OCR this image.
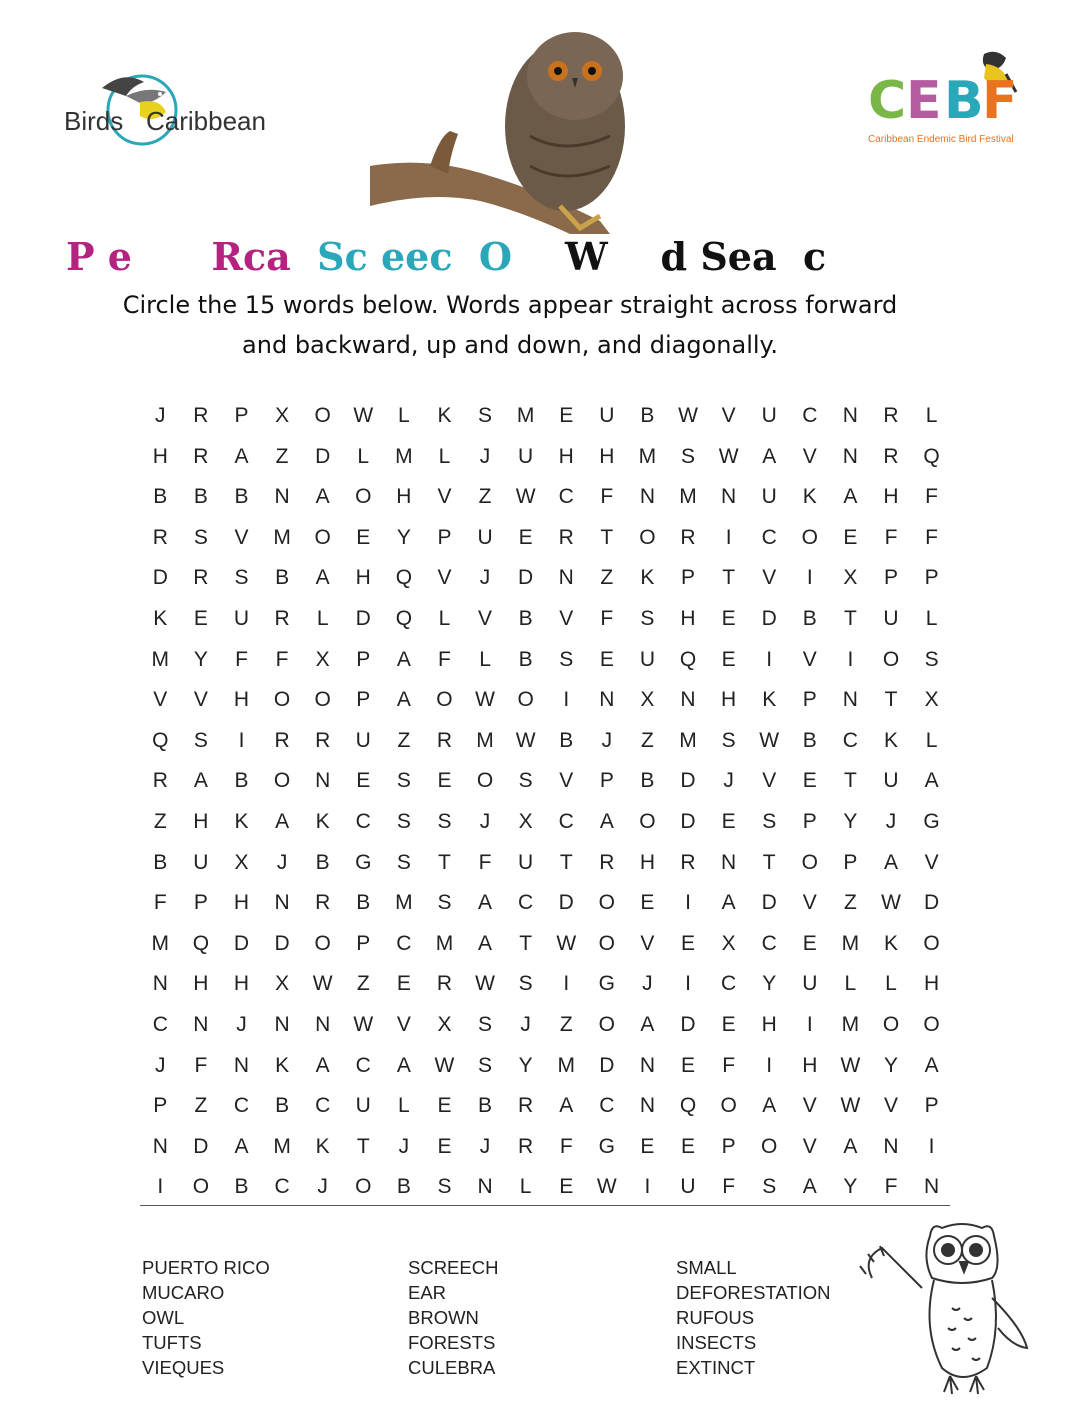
Birds Caribbean	C E B
F
Caribbean Endemic Bird Festival
P e Rca Sc eec O W d Sea c
Circle the 15 words below. Words appear straight across forward
and backward, up and down, and diagonally.
J	R	P	X	O	W	L	K	S	M	E	U	B	W	V	U	C	N	R	L
H	R	A	Z	D	L	M	L	J	U	H	H	M	S	W	A	V	N	R	Q
B	B	B	N	A	O	H	V	Z	W	C	F	N	M	N	U	K	A	H	F
R	S	V	M	O	E	Y	P	U	E	R	T	O	R	I	C	O	E	F	F
D	R	S	B	A	H	Q	V	J	D	N	Z	K	P	T	V	I	X	P	P
K	E	U	R	L	D	Q	L	V	B	V	F	S	H	E	D	B	T	U	L
M	Y	F	F	X	P	A	F	L	B	S	E	U	Q	E	I	V	I	O	S
V	V	H	O	O	P	A	O	W	O	I	N	X	N	H	K	P	N	T	X
Q	S	I	R	R	U	Z	R	M	W	B	J	Z	M	S	W	B	C	K	L
R	A	B	O	N	E	S	E	O	S	V	P	B	D	J	V	E	T	U	A
Z	H	K	A	K	C	S	S	J	X	C	A	O	D	E	S	P	Y	J	G
B	U	X	J	B	G	S	T	F	U	T	R	H	R	N	T	O	P	A	V
F	P	H	N	R	B	M	S	A	C	D	O	E	I	A	D	V	Z	W	D
M	Q	D	D	O	P	C	M	A	T	W	O	V	E	X	C	E	M	K	O
N	H	H	X	W	Z	E	R	W	S	I	G	J	I	C	Y	U	L	L	H
C	N	J	N	N	W	V	X	S	J	Z	O	A	D	E	H	I	M	O	O
J	F	N	K	A	C	A	W	S	Y	M	D	N	E	F	I	H	W	Y	A
P	Z	C	B	C	U	L	E	B	R	A	C	N	Q	O	A	V	W	V	P
N	D	A	M	K	T	J	E	J	R	F	G	E	E	P	O	V	A	N	I
I	O	B	C	J	O	B	S	N	L	E	W	I	U	F	S	A	Y	F	N
PUERTO RICO
MUCARO
OWL
TUFTS
VIEQUES
SCREECH
EAR
BROWN
FORESTS
CULEBRA
SMALL
DEFORESTATION
RUFOUS
INSECTS
EXTINCT
